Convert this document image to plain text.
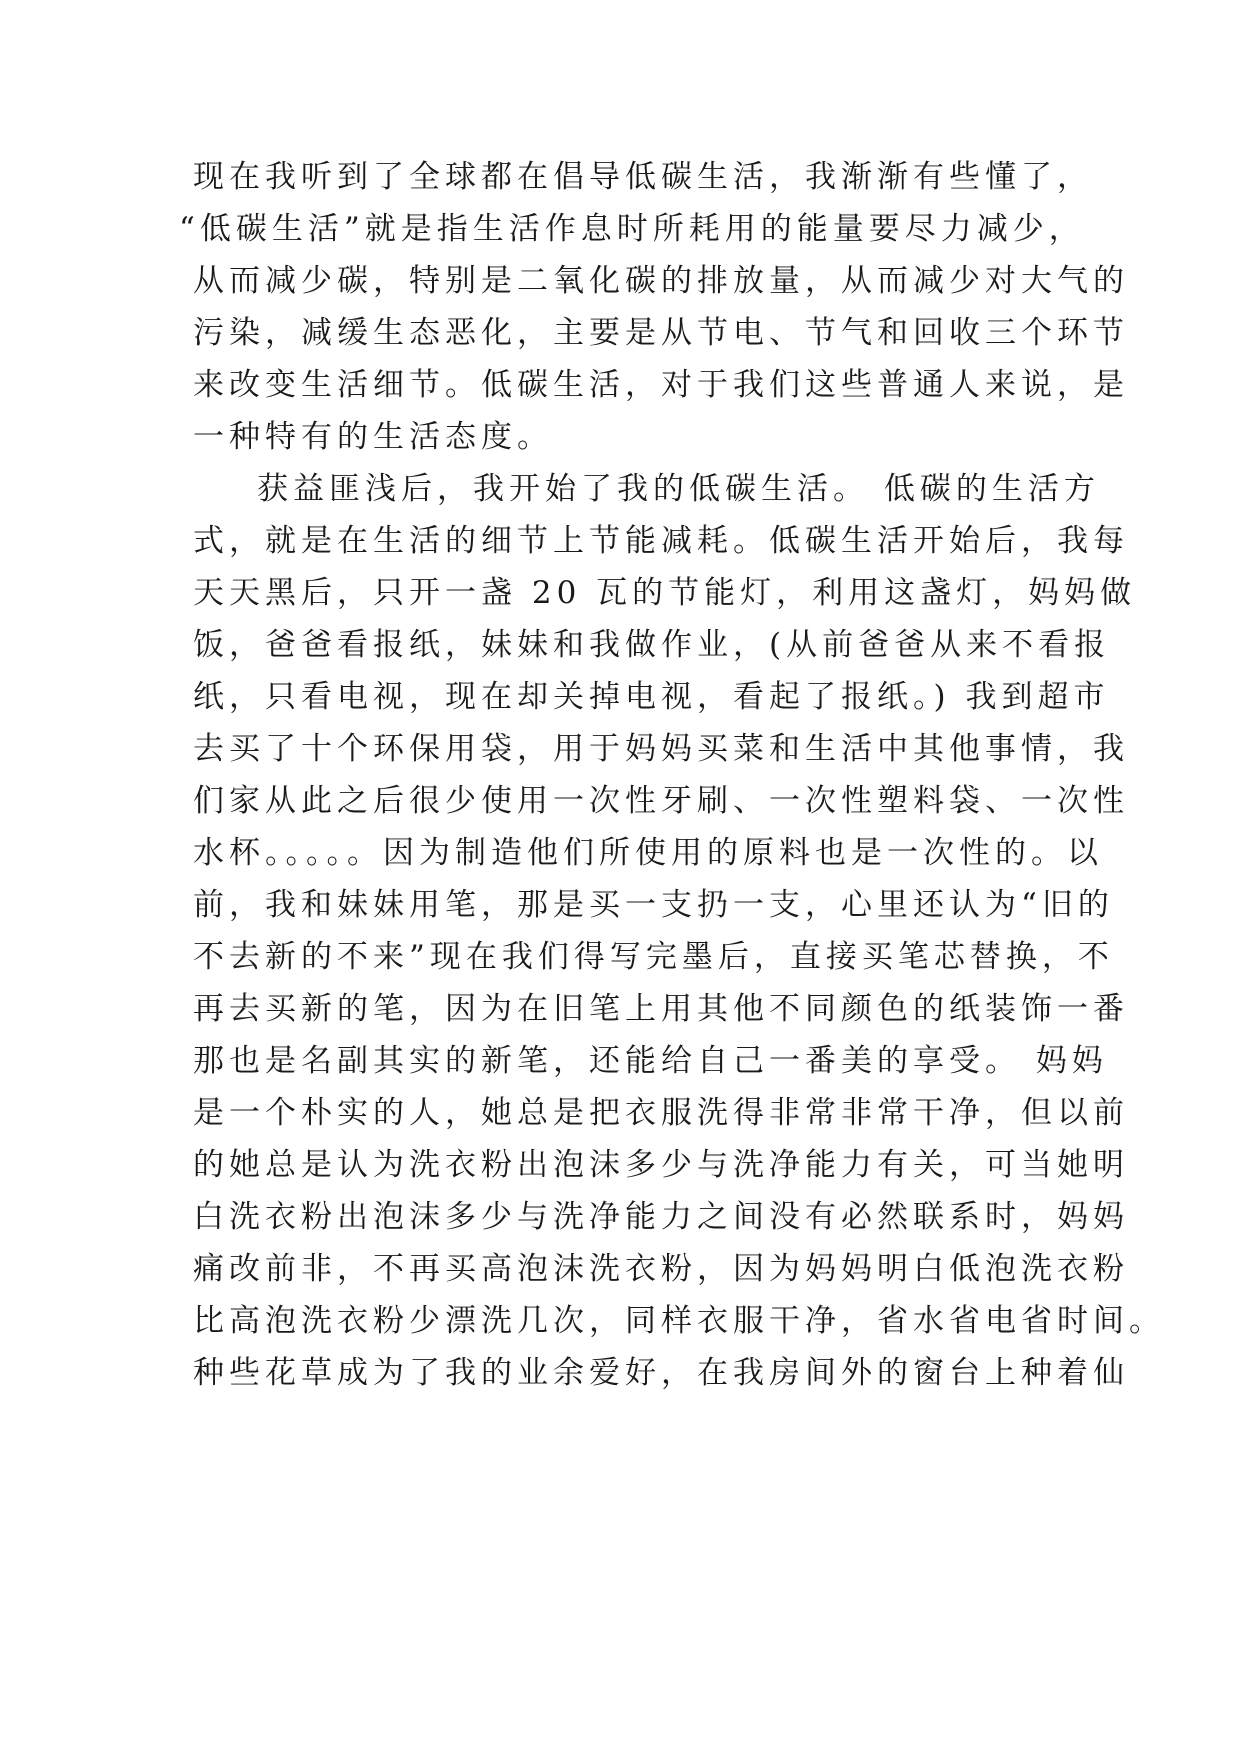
现在我听到了全球都在倡导低碳生活，我渐渐有些懂了，
“低碳生活”就是指生活作息时所耗用的能量要尽力减少，
从而减少碳，特别是二氧化碳的排放量，从而减少对大气的
污染，减缓生态恶化，主要是从节电、节气和回收三个环节
来改变生活细节。低碳生活，对于我们这些普通人来说，是
一种特有的生活态度。
获益匪浅后，我开始了我的低碳生活。 低碳的生活方
式，就是在生活的细节上节能减耗。低碳生活开始后，我每
天天黑后，只开一盏 20 瓦的节能灯，利用这盏灯，妈妈做
饭，爸爸看报纸，妹妹和我做作业，(从前爸爸从来不看报
纸，只看电视，现在却关掉电视，看起了报纸。) 我到超市
去买了十个环保用袋，用于妈妈买菜和生活中其他事情，我
们家从此之后很少使用一次性牙刷、一次性塑料袋、一次性
水杯。。。。。因为制造他们所使用的原料也是一次性的。以
前，我和妹妹用笔，那是买一支扔一支，心里还认为“旧的
不去新的不来”现在我们得写完墨后，直接买笔芯替换，不
再去买新的笔，因为在旧笔上用其他不同颜色的纸装饰一番
那也是名副其实的新笔，还能给自己一番美的享受。 妈妈
是一个朴实的人，她总是把衣服洗得非常非常干净，但以前
的她总是认为洗衣粉出泡沫多少与洗净能力有关，可当她明
白洗衣粉出泡沫多少与洗净能力之间没有必然联系时，妈妈
痛改前非，不再买高泡沫洗衣粉，因为妈妈明白低泡洗衣粉
比高泡洗衣粉少漂洗几次，同样衣服干净，省水省电省时间。
种些花草成为了我的业余爱好，在我房间外的窗台上种着仙
